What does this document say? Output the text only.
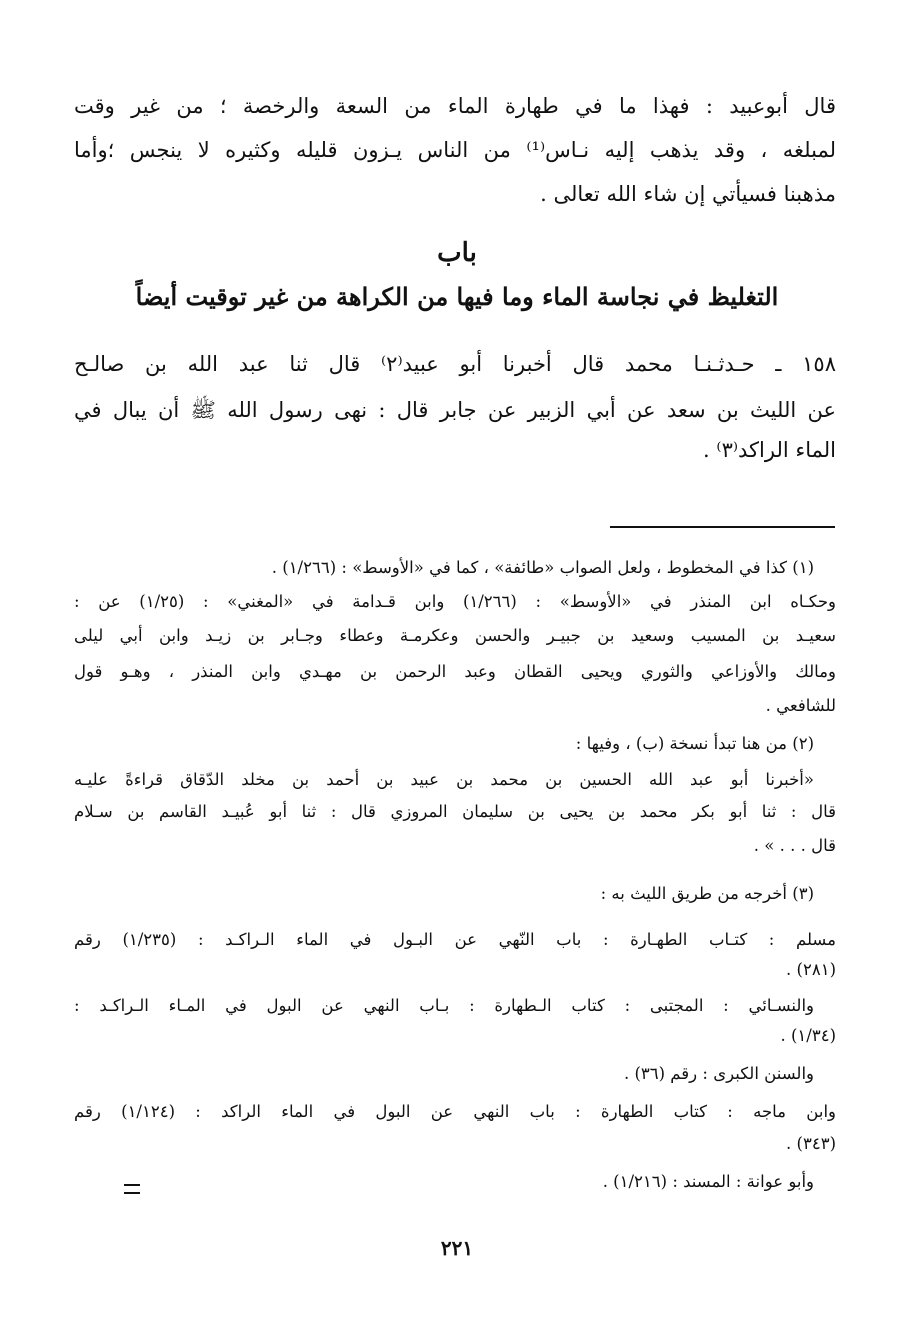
قال أبوعبيد : فهذا ما في طهارة الماء من السعة والرخصة ؛ من غير وقت
لمبلغه ، وقد يذهب إليه نـاس⁽¹⁾ من الناس يـزون قليله وكثيره لا ينجس ؛وأما
مذهبنا فسيأتي إن شاء الله تعالى .
باب
التغليظ في نجاسة الماء وما فيها من الكراهة من غير توقيت أيضاً
١٥٨ ـ حـدثـنـا محمد قال أخبرنا أبو عبيد⁽٢⁾ قال ثنا عبد الله بن صالـح
عن الليث بن سعد عن أبي الزبير عن جابر قال : نهى رسول الله ﷺ أن يبال في
الماء الراكد⁽٣⁾ .
(١) كذا في المخطوط ، ولعل الصواب «طائفة» ، كما في «الأوسط» : (١/٢٦٦) .
وحكـاه ابن المنذر في «الأوسط» : (١/٢٦٦) وابن قـدامة في «المغني» : (١/٢٥) عن :
سعيـد بن المسيب وسعيد بن جبيـر والحسن وعكرمـة وعطاء وجـابر بن زيـد وابن أبي ليلى
ومالك والأوزاعي والثوري ويحيى القطان وعبد الرحمن بن مهـدي وابن المنذر ، وهـو قول
للشافعي .
(٢) من هنا تبدأ نسخة (ب) ، وفيها :
«أخبرنا أبو عبد الله الحسين بن محمد بن عبيد بن أحمد بن مخلد الدّقاق قراءةً عليـه
قال : ثنا أبو بكر محمد بن يحيى بن سليمان المروزي قال : ثنا أبو عُبيـد القاسم بن سـلام
قال . . . » .
(٣) أخرجه من طريق الليث به :
مسلم : كتـاب الطهـارة : باب النّهي عن البـول في الماء الـراكـد : (١/٢٣٥) رقم
(٢٨١) .
والنسـائي : المجتبى : كتاب الـطهارة : بـاب النهي عن البول في المـاء الـراكـد :
(١/٣٤) .
والسنن الكبرى : رقم (٣٦) .
وابن ماجه : كتاب الطهارة : باب النهي عن البول في الماء الراكد : (١/١٢٤) رقم
(٣٤٣) .
وأبو عوانة : المسند : (١/٢١٦) .
٢٢١
